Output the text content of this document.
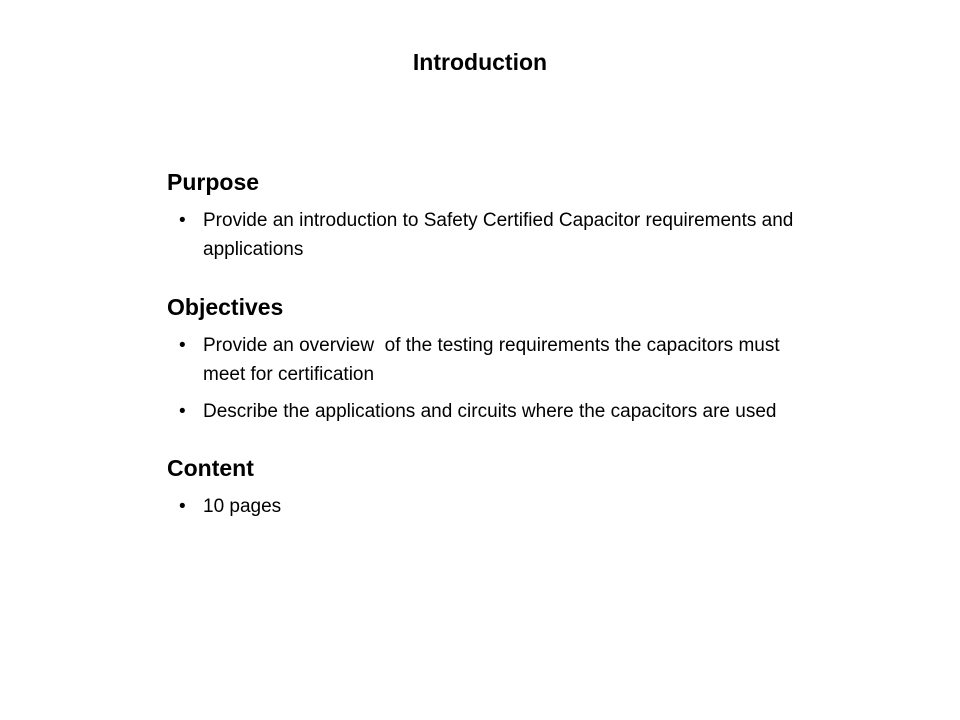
Introduction
Purpose
• Provide an introduction to Safety Certified Capacitor requirements and applications
Objectives
• Provide an overview  of the testing requirements the capacitors must meet for certification
• Describe the applications and circuits where the capacitors are used
Content
• 10 pages
